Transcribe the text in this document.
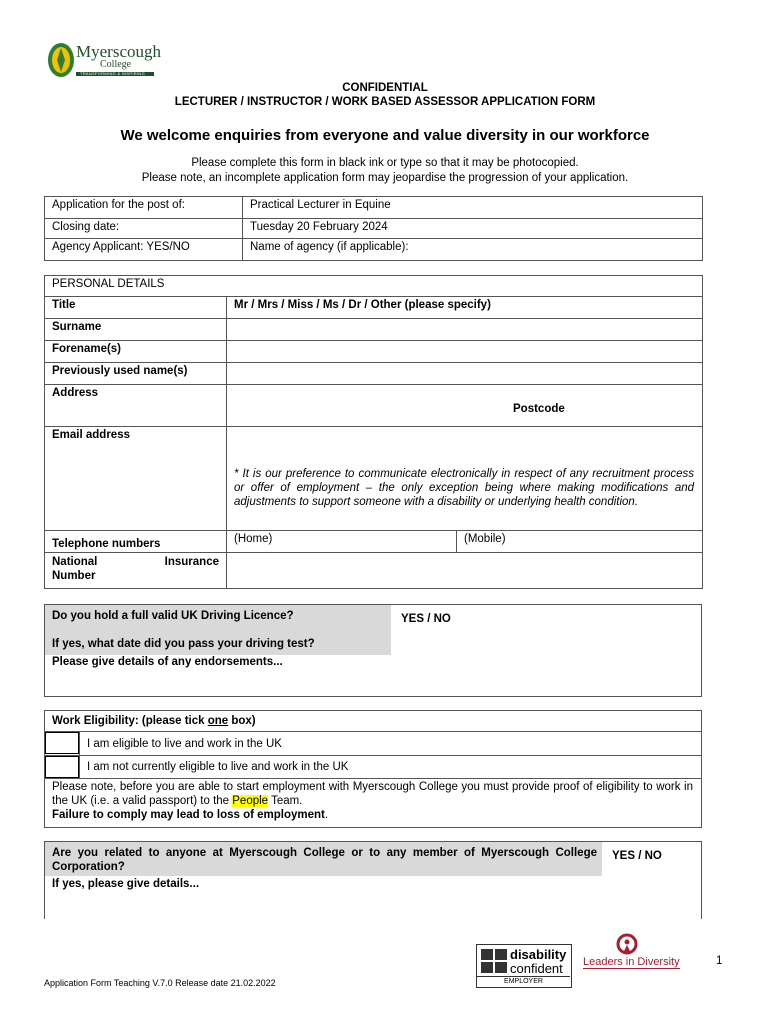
Myerscough
College
TRANSFORMING & INSPIRING
CONFIDENTIAL
LECTURER / INSTRUCTOR / WORK BASED ASSESSOR APPLICATION FORM
We welcome enquiries from everyone and value diversity in our workforce
Please complete this form in black ink or type so that it may be photocopied.
Please note, an incomplete application form may jeopardise the progression of your application.
Application for the post of:	Practical Lecturer in Equine
Closing date:	Tuesday 20 February 2024
Agency Applicant: YES/NO	Name of agency (if applicable):
PERSONAL DETAILS		
Title	Mr / Mrs / Miss / Ms / Dr / Other (please specify)	
Surname		
Forename(s)		
Previously used name(s)		
Address	Postcode	

Email address	* It is our preference to communicate electronically in respect of any recruitment process or offer of employment – the only exception being where making modifications and adjustments to support someone with a disability or underlying health condition.	

Telephone numbers	(Home)	(Mobile)

National Insurance
Number		

Do you hold a full valid UK Driving Licence?	YES / NO
If yes, what date did you pass your driving test?
Please give details of any endorsements...
Work Eligibility: (please tick one box)
I am eligible to live and work in the UK
I am not currently eligible to live and work in the UK
Please note, before you are able to start employment with Myerscough College you must provide proof of eligibility to work in the UK (i.e. a valid passport) to the People Team.
Failure to comply may lead to loss of employment.
Are you related to anyone at Myerscough College or to any member of Myerscough College Corporation?
YES / NO
If yes, please give details...
disability
confident
EMPLOYER
Leaders in Diversity	1
Application Form Teaching V.7.0 Release date 21.02.2022
